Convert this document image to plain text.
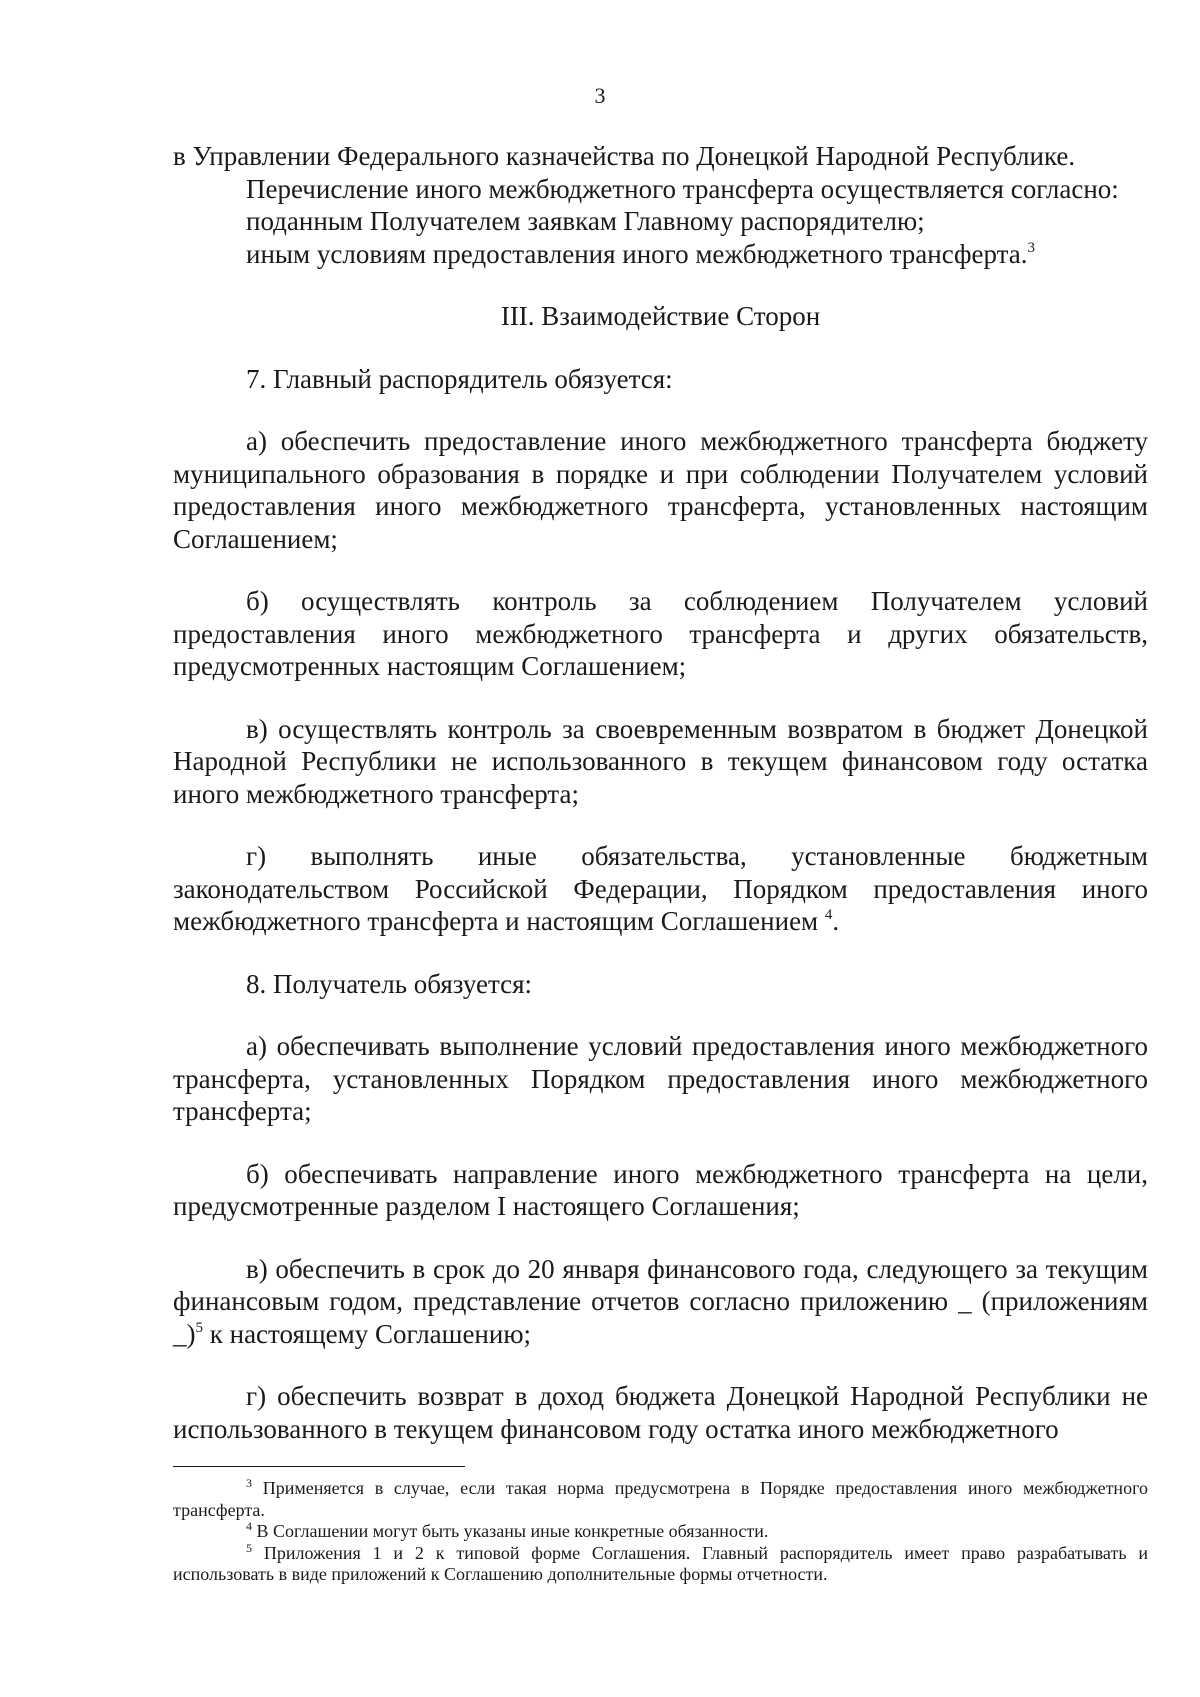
3

в Управлении Федерального казначейства по Донецкой Народной Республике.

Перечисление иного межбюджетного трансферта осуществляется согласно:

поданным Получателем заявкам Главному распорядителю;

иным условиям предоставления иного межбюджетного трансферта.$^3$

III. Взаимодействие Сторон

7. Главный распорядитель обязуется:

а) обеспечить предоставление иного межбюджетного трансферта бюджету муниципального образования в порядке и при соблюдении Получателем условий предоставления иного межбюджетного трансферта, установленных настоящим Соглашением;

б) осуществлять контроль за соблюдением Получателем условий предоставления иного межбюджетного трансферта и других обязательств, предусмотренных настоящим Соглашением;

в) осуществлять контроль за своевременным возвратом в бюджет Донецкой Народной Республики не использованного в текущем финансовом году остатка иного межбюджетного трансферта;

г) выполнять иные обязательства, установленные бюджетным законодательством Российской Федерации, Порядком предоставления иного межбюджетного трансферта и настоящим Соглашением $^4$.

8. Получатель обязуется:

а) обеспечивать выполнение условий предоставления иного межбюджетного трансферта, установленных Порядком предоставления иного межбюджетного трансферта;

б) обеспечивать направление иного межбюджетного трансферта на цели, предусмотренные разделом I настоящего Соглашения;

в) обеспечить в срок до 20 января финансового года, следующего за текущим финансовым годом, представление отчетов согласно приложению _ (приложениям _)$^5$ к настоящему Соглашению;

г) обеспечить возврат в доход бюджета Донецкой Народной Республики не использованного в текущем финансовом году остатка иного межбюджетного

$^3$ Применяется в случае, если такая норма предусмотрена в Порядке предоставления иного межбюджетного трансферта.

$^4$ В Соглашении могут быть указаны иные конкретные обязанности.

$^5$ Приложения 1 и 2 к типовой форме Соглашения. Главный распорядитель имеет право разрабатывать и использовать в виде приложений к Соглашению дополнительные формы отчетности.
